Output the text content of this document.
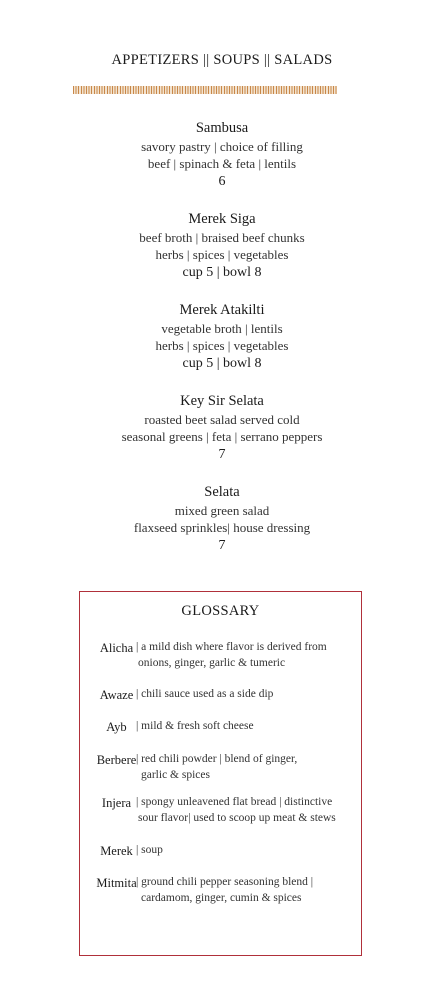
APPETIZERS || SOUPS || SALADS
Sambusa
savory pastry | choice of filling
beef | spinach & feta | lentils
6
Merek Siga
beef broth | braised beef chunks
herbs | spices | vegetables
cup 5 | bowl 8
Merek Atakilti
vegetable broth | lentils
herbs | spices | vegetables
cup 5 | bowl 8
Key Sir Selata
roasted beet salad served cold
seasonal greens | feta | serrano peppers
7
Selata
mixed green salad
flaxseed sprinkles| house dressing
7
GLOSSARY
Alicha | a mild dish where flavor is derived from
onions, ginger, garlic & tumeric
Awaze | chili sauce used as a side dip
Ayb | mild & fresh soft cheese
Berbere | red chili powder | blend of ginger,
garlic & spices
Injera | spongy unleavened flat bread | distinctive
sour flavor| used to scoop up meat & stews
Merek | soup
Mitmita | ground chili pepper seasoning blend |
cardamom, ginger, cumin & spices
